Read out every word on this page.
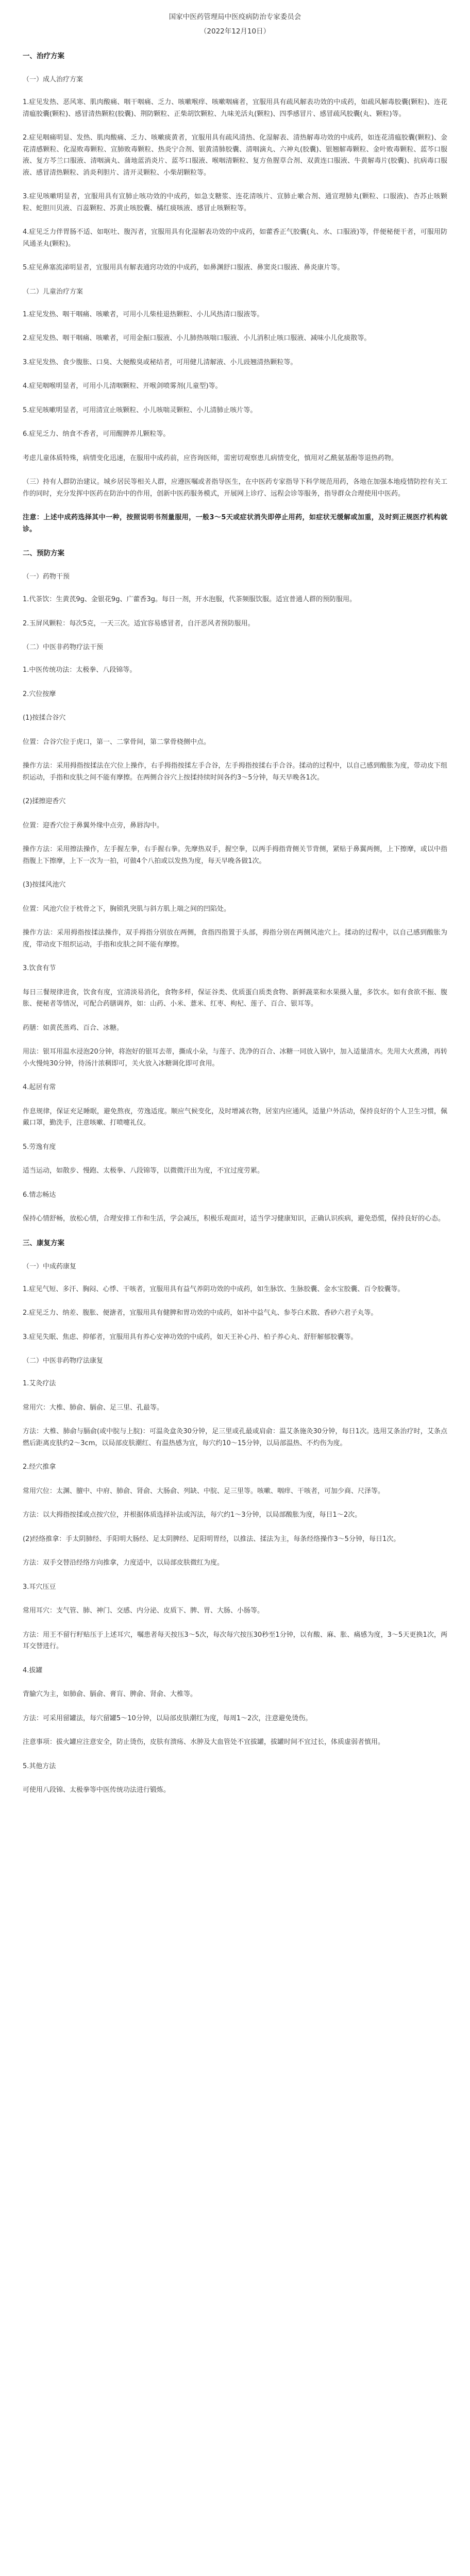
国家中医药管理局中医疫病防治专家委员会
（2022年12月10日）
一、治疗方案
（一）成人治疗方案
1.症见发热、恶风寒、肌肉酸痛、咽干咽痛、乏力、咳嗽喉痒、咳嗽咽痛者，宜服用具有疏风解表功效的中成药，如疏风解毒胶囊(颗粒)、连花清瘟胶囊(颗粒)、感冒清热颗粒(胶囊)、荆防颗粒、正柴胡饮颗粒、九味羌活丸(颗粒)、四季感冒片、感冒疏风胶囊(丸、颗粒)等。
2.症见咽痛明显、发热、肌肉酸痛、乏力、咳嗽痰黄者，宜服用具有疏风清热、化湿解表、清热解毒功效的中成药，如连花清瘟胶囊(颗粒)、金花清感颗粒、化湿败毒颗粒、宣肺败毒颗粒、热炎宁合剂、银黄清肺胶囊、清咽滴丸、六神丸(胶囊)、银翘解毒颗粒、金叶败毒颗粒、蓝芩口服液、复方芩兰口服液、清咽滴丸、蒲地蓝消炎片、蓝芩口服液、喉咽清颗粒、复方鱼腥草合剂、双黄连口服液、牛黄解毒片(胶囊)、抗病毒口服液、感冒清热颗粒、消炎利胆片、清开灵颗粒、小柴胡颗粒等。
3.症见咳嗽明显者，宜服用具有宣肺止咳功效的中成药，如急支糖浆、连花清咳片、宣肺止嗽合剂、通宣理肺丸(颗粒、口服液)、杏苏止咳颗粒、蛇胆川贝液、百蕊颗粒、苏黄止咳胶囊、橘红痰咳液、感冒止咳颗粒等。
4.症见乏力伴胃肠不适、如呕吐、腹泻者，宜服用具有化湿解表功效的中成药，如藿香正气胶囊(丸、水、口服液)等，伴便秘便干者，可服用防风通圣丸(颗粒)。
5.症见鼻塞流涕明显者，宜服用具有解表通窍功效的中成药，如鼻渊舒口服液、鼻窦炎口服液、鼻炎康片等。
（二）儿童治疗方案
1.症见发热、咽干咽痛、咳嗽者，可用小儿柴桂退热颗粒、小儿风热清口服液等。
2.症见发热、咽干咽痛、咳嗽者，可用金振口服液、小儿肺热咳喘口服液、小儿消积止咳口服液、减味小儿化痰散等。
3.症见发热、食少腹胀、口臭、大便酸臭或秘结者，可用健儿清解液、小儿豉翘清热颗粒等。
4.症见咽喉明显者，可用小儿清咽颗粒、开喉剑喷雾剂(儿童型)等。
5.症见咳嗽明显者，可用清宣止咳颗粒、小儿咳喘灵颗粒、小儿清肺止咳片等。
6.症见乏力、纳食不香者，可用醒脾养儿颗粒等。
考虑儿童体质特殊，病情变化迅速，在服用中成药前，应咨询医师，需密切观察患儿病情变化，慎用对乙酰氨基酚等退热药物。
（三）持有人群防治建议。城乡居民等相关人群，应遵医嘱或者指导医生，在中医药专家指导下科学规范用药，各地在加强本地疫情防控有关工作的同时，充分发挥中医药在防治中的作用，创新中医药服务模式，开展网上诊疗、远程会诊等服务，指导群众合理使用中医药。
注意：上述中成药选择其中一种，按照说明书剂量服用，一般3～5天或症状消失即停止用药，如症状无缓解或加重，及时到正规医疗机构就诊。
二、预防方案
（一）药物干预
1.代茶饮：生黄芪9g、金银花9g、广藿香3g。每日一剂，开水泡服，代茶频服饮服。适宜普通人群的预防服用。
2.玉屏风颗粒：每次5克，一天三次。适宜容易感冒者，自汗恶风者预防服用。
（二）中医非药物疗法干预
1.中医传统功法：太极拳、八段锦等。
2.穴位按摩
(1)按揉合谷穴
位置：合谷穴位于虎口，第一、二掌骨间，第二掌骨桡侧中点。
操作方法：采用拇指按揉法在穴位上操作，右手拇指按揉左手合谷，左手拇指按揉右手合谷。揉动的过程中，以自己感到酸胀为度，带动皮下组织运动，手指和皮肤之间不能有摩擦。在两侧合谷穴上按揉持续时间各约3～5分钟，每天早晚各1次。
(2)揉擦迎香穴
位置：迎香穴位于鼻翼外缘中点旁，鼻唇沟中。
操作方法：采用擦法操作，左手握左拳，右手握右拳。先摩热双手，握空拳，以两手拇指背侧关节背侧，紧贴于鼻翼两侧，上下擦摩，或以中指指腹上下擦摩，上下一次为一拍，可做4个八拍或以发热为度，每天早晚各做1次。
(3)按揉风池穴
位置：风池穴位于枕骨之下，胸锁乳突肌与斜方肌上端之间的凹陷处。
操作方法：采用拇指按揉法操作，双手拇指分别放在两侧，食指四指置于头部，拇指分别在两侧风池穴上。揉动的过程中，以自己感到酸胀为度，带动皮下组织运动，手指和皮肤之间不能有摩擦。
3.饮食有节
每日三餐规律进食，饮食有度，宜清淡易消化，食物多样，保证谷类、优质蛋白质类食物、新鲜蔬菜和水果摄入量，多饮水。如有食欲不振、腹胀、便秘者等情况，可配合药膳调养，如：山药、小米、薏米、红枣、枸杞、莲子、百合、银耳等。
药膳：如黄芪蒸鸡、百合、冰糖。
用法：银耳用温水浸泡20分钟，将泡好的银耳去蒂，撕成小朵，与莲子、洗净的百合、冰糖一同放入锅中，加入适量清水。先用大火煮沸，再转小火慢炖30分钟，待汤汁浓稠即可，关火放入冰糖调化即可食用。
4.起居有常
作息规律，保证充足睡眠，避免熬夜，劳逸适度。顺应气候变化，及时增减衣物，居室内应通风，适量户外活动，保持良好的个人卫生习惯，佩戴口罩，勤洗手，注意咳嗽、打喷嚏礼仪。
5.劳逸有度
适当运动，如散步、慢跑、太极拳、八段锦等，以微微汗出为度，不宜过度劳累。
6.情志畅达
保持心情舒畅，放松心情，合理安排工作和生活，学会减压，积极乐观面对，适当学习健康知识，正确认识疾病，避免恐慌，保持良好的心态。
三、康复方案
（一）中成药康复
1.症见气短、多汗、胸闷、心悸、干咳者，宜服用具有益气养阴功效的中成药，如生脉饮、生脉胶囊、金水宝胶囊、百令胶囊等。
2.症见乏力、纳差、腹胀、便溏者，宜服用具有健脾和胃功效的中成药，如补中益气丸、参苓白术散、香砂六君子丸等。
3.症见失眠、焦虑、抑郁者，宜服用具有养心安神功效的中成药，如天王补心丹、柏子养心丸、舒肝解郁胶囊等。
（二）中医非药物疗法康复
1.艾灸疗法
常用穴：大椎、肺俞、膈俞、足三里、孔最等。
方法：大椎、肺俞与膈俞(或中脘与上脘)：可温灸盒灸30分钟，足三里或孔最或肩俞：温艾条施灸30分钟，每日1次。选用艾条治疗时，艾条点燃后距离皮肤约2～3cm，以局部皮肤潮红、有温热感为宜，每穴约10～15分钟，以局部温热、不灼伤为度。
2.经穴推拿
常用穴位：太渊、膻中、中府、肺俞、肾俞、大肠俞、列缺、中脘、足三里等。咳嗽、咽痒、干咳者，可加少商、尺泽等。
方法：以大拇指按揉或点按穴位，并根据体质选择补法或泻法，每穴约1～3分钟，以局部酸胀为度，每日1～2次。
(2)经络推拿：手太阴肺经、手阳明大肠经、足太阴脾经、足阳明胃经，以推法、揉法为主，每条经络操作3～5分钟，每日1次。
方法：双手交替沿经络方向推拿，力度适中，以局部皮肤微红为度。
3.耳穴压豆
常用耳穴：支气管、肺、神门、交感、内分泌、皮质下、脾、胃、大肠、小肠等。
方法：用王不留行籽贴压于上述耳穴，嘱患者每天按压3～5次，每次每穴按压30秒至1分钟，以有酸、麻、胀、痛感为度，3～5天更换1次，两耳交替进行。
4.拔罐
背腧穴为主，如肺俞、膈俞、膏肓、脾俞、肾俞、大椎等。
方法：可采用留罐法，每穴留罐5～10分钟，以局部皮肤潮红为度，每周1～2次，注意避免烫伤。
注意事项：拔火罐应注意安全，防止烫伤，皮肤有溃疡、水肿及大血管处不宜拔罐，拔罐时间不宜过长，体质虚弱者慎用。
5.其他方法
可使用八段锦、太极拳等中医传统功法进行锻炼。
